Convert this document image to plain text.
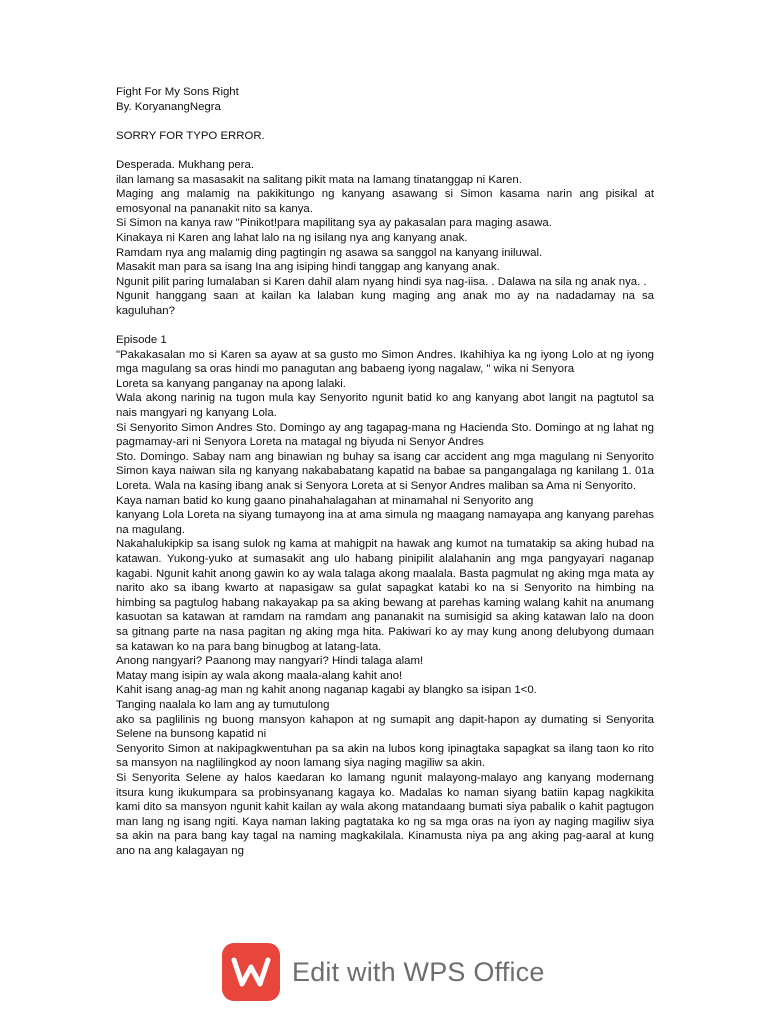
Fight For My Sons Right

By. KoryanangNegra

SORRY FOR TYPO ERROR.

Desperada. Mukhang pera.

ilan lamang sa masasakit na salitang pikit mata na lamang tinatanggap ni Karen.

Maging ang malamig na pakikitungo ng kanyang asawang si Simon kasama narin ang pisikal at emosyonal na pananakit nito sa kanya.

Si Simon na kanya raw "Pinikot!para mapilitang sya ay pakasalan para maging asawa.

Kinakaya ni Karen ang lahat lalo na ng isilang nya ang kanyang anak.

Ramdam nya ang malamig ding pagtingin ng asawa sa sanggol na kanyang iniluwal.

Masakit man para sa isang Ina ang isiping hindi tanggap ang kanyang anak.

Ngunit pilit paring lumalaban si Karen dahil alam nyang hindi sya nag-iisa. . Dalawa na sila ng anak nya. .

Ngunit hanggang saan at kailan ka lalaban kung maging ang anak mo ay na nadadamay na sa kaguluhan?

Episode 1

"Pakakasalan mo si Karen sa ayaw at sa gusto mo Simon Andres. Ikahihiya ka ng iyong Lolo at ng iyong mga magulang sa oras hindi mo panagutan ang babaeng iyong nagalaw, " wika ni Senyora

Loreta sa kanyang panganay na apong lalaki.

Wala akong narinig na tugon mula kay Senyorito ngunit batid ko ang kanyang abot langit na pagtutol sa nais mangyari ng kanyang Lola.

Si Senyorito Simon Andres Sto. Domingo ay ang tagapag-mana ng Hacienda Sto. Domingo at ng lahat ng pagmamay-ari ni Senyora Loreta na matagal ng biyuda ni Senyor Andres

Sto. Domingo. Sabay nam ang binawian ng buhay sa isang car accident ang mga magulang ni Senyorito Simon kaya naiwan sila ng kanyang nakababatang kapatid na babae sa pangangalaga ng kanilang 1. 01a Loreta. Wala na kasing ibang anak si Senyora Loreta at si Senyor Andres maliban sa Ama ni Senyorito.

Kaya naman batid ko kung gaano pinahahalagahan at minamahal ni Senyorito ang

kanyang Lola Loreta na siyang tumayong ina at ama simula ng maagang namayapa ang kanyang parehas na magulang.

Nakahalukipkip sa isang sulok ng kama at mahigpit na hawak ang kumot na tumatakip sa aking hubad na katawan. Yukong-yuko at sumasakit ang ulo habang pinipilit alalahanin ang mga pangyayari naganap kagabi. Ngunit kahit anong gawin ko ay wala talaga akong maalala. Basta pagmulat ng aking mga mata ay narito ako sa ibang kwarto at napasigaw sa gulat sapagkat katabi ko na si Senyorito na himbing na himbing sa pagtulog habang nakayakap pa sa aking bewang at parehas kaming walang kahit na anumang kasuotan sa katawan at ramdam na ramdam ang pananakit na sumisigid sa aking katawan lalo na doon sa gitnang parte na nasa pagitan ng aking mga hita. Pakiwari ko ay may kung anong delubyong dumaan sa katawan ko na para bang binugbog at latang-lata.

Anong nangyari? Paanong may nangyari? Hindi talaga alam!

Matay mang isipin ay wala akong maala-alang kahit ano!

Kahit isang anag-ag man ng kahit anong naganap kagabi ay blangko sa isipan 1<0.

Tanging naalala ko lam ang ay tumutulong

ako sa paglilinis ng buong mansyon kahapon at ng sumapit ang dapit-hapon ay dumating si Senyorita Selene na bunsong kapatid ni

Senyorito Simon at nakipagkwentuhan pa sa akin na lubos kong ipinagtaka sapagkat sa ilang taon ko rito sa mansyon na naglilingkod ay noon lamang siya naging magiliw sa akin.

Si Senyorita Selene ay halos kaedaran ko lamang ngunit malayong-malayo ang kanyang modernang itsura kung ikukumpara sa probinsyanang kagaya ko. Madalas ko naman siyang batiin kapag nagkikita kami dito sa mansyon ngunit kahit kailan ay wala akong matandaang bumati siya pabalik o kahit pagtugon man lang ng isang ngiti. Kaya naman laking pagtataka ko ng sa mga oras na iyon ay naging magiliw siya sa akin na para bang kay tagal na naming magkakilala. Kinamusta niya pa ang aking pag-aaral at kung ano na ang kalagayan ng

Edit with WPS Office
